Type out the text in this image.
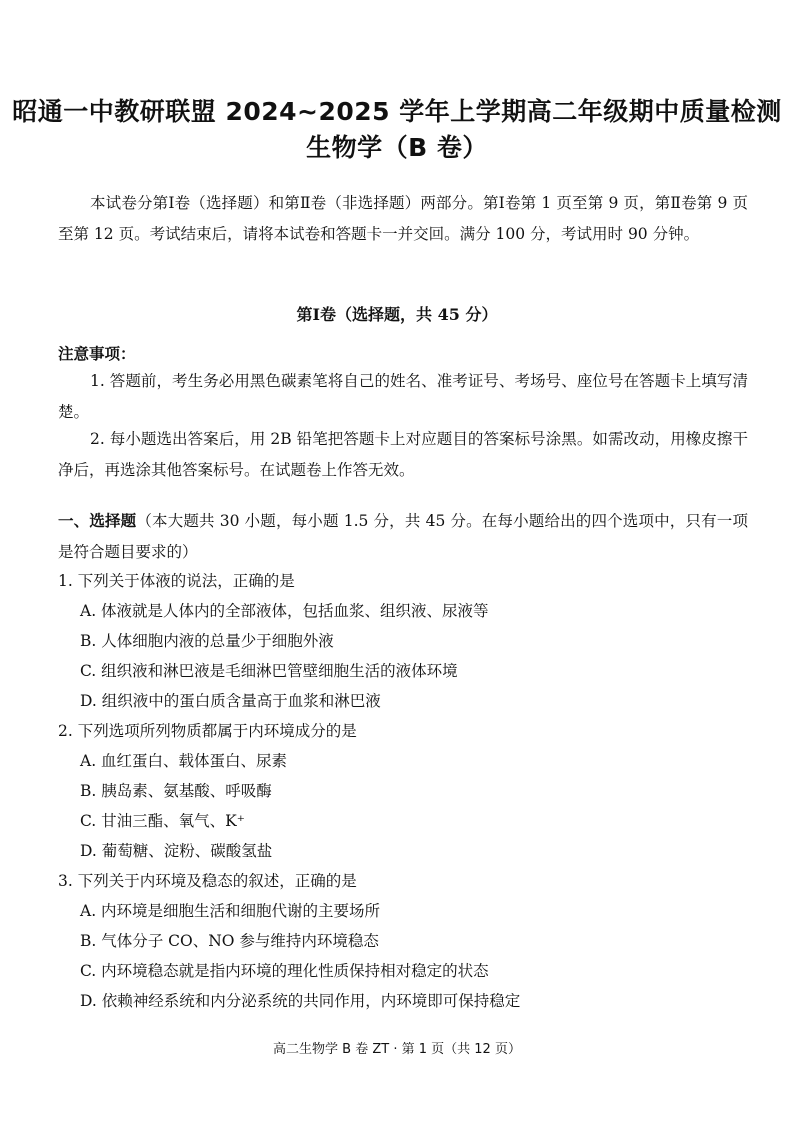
昭通一中教研联盟 2024~2025 学年上学期高二年级期中质量检测
生物学（B 卷）
本试卷分第Ⅰ卷（选择题）和第Ⅱ卷（非选择题）两部分。第Ⅰ卷第 1 页至第 9 页，第Ⅱ卷第 9 页至第 12 页。考试结束后，请将本试卷和答题卡一并交回。满分 100 分，考试用时 90 分钟。
第Ⅰ卷（选择题，共 45 分）
注意事项：
1. 答题前，考生务必用黑色碳素笔将自己的姓名、准考证号、考场号、座位号在答题卡上填写清楚。
2. 每小题选出答案后，用 2B 铅笔把答题卡上对应题目的答案标号涂黑。如需改动，用橡皮擦干净后，再选涂其他答案标号。在试题卷上作答无效。
一、选择题（本大题共 30 小题，每小题 1.5 分，共 45 分。在每小题给出的四个选项中，只有一项是符合题目要求的）
1. 下列关于体液的说法，正确的是
A. 体液就是人体内的全部液体，包括血浆、组织液、尿液等
B. 人体细胞内液的总量少于细胞外液
C. 组织液和淋巴液是毛细淋巴管壁细胞生活的液体环境
D. 组织液中的蛋白质含量高于血浆和淋巴液
2. 下列选项所列物质都属于内环境成分的是
A. 血红蛋白、载体蛋白、尿素
B. 胰岛素、氨基酸、呼吸酶
C. 甘油三酯、氧气、K⁺
D. 葡萄糖、淀粉、碳酸氢盐
3. 下列关于内环境及稳态的叙述，正确的是
A. 内环境是细胞生活和细胞代谢的主要场所
B. 气体分子 CO、NO 参与维持内环境稳态
C. 内环境稳态就是指内环境的理化性质保持相对稳定的状态
D. 依赖神经系统和内分泌系统的共同作用，内环境即可保持稳定
高二生物学 B 卷 ZT · 第 1 页（共 12 页）
